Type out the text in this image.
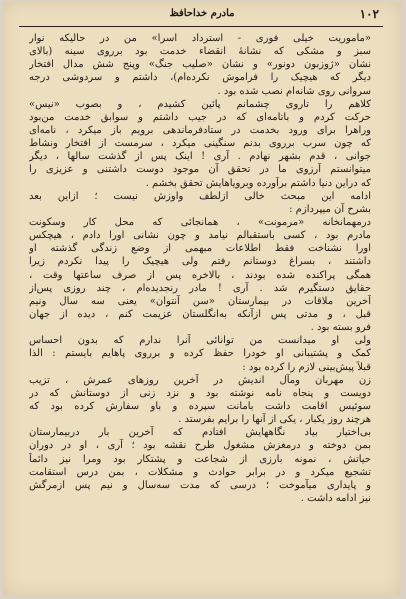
۱۰۲
مادرم خداحافظ
«ماموریت خیلی فوری - استرداد اسرا» من در حالیکه نوار
سبز و مشکی که نشانهٔ انقضاء خدمت بود برروی سینه (بالای
نشان «ژوزبون دونور» و نشان «صلیب جنگ» وپنج شش مدال افتخار
دیگر که هیچیک را فراموش نکرده‌ام)، داشتم و سردوشی درجه
سروانی روی شانه‌ام نصب شده بود .
کلاهم را تاروی چشمانم پائین کشیدم ، و بصوب «نیس»
حرکت کردم و باتامه‌ای که در جیب داشتم و سوابق خدمت من‌بود
وراهرا برای ورود بخدمت در ستادفرماندهی برویم باز میکرد ، نامه‌ای
که چون سرب برروی بدنم سنگینی میکرد ، سرمست از افتخار ونشاط
جوانی ، قدم بشهر نهادم . آری ! اینک پس از گذشت سالها ، دیگر
میتوانستم آرزوی ما در تحقق آن موجود دوست داشتنی و عزیزی را
که دراین دنیا داشتم برآورده وبرویاهایش تحقق بخشم .
ادامه این مبحث خالی ازلطف واوزش نیست ؛ ازاین بعد
بشرح آن میپردازم :
درمهمانخانه «مرمونت» ، همانجائی که محل کار وسکونت
مادرم بود ، کسی باستقبالم نیامد و چون نشانی اورا دادم ، هیچکس
اورا نشناخت فقط اطلاعات مبهمی از وضع زندگی گذشته او
داشتند ، بسراغ دوستانم رفتم ولی هیچیک را پیدا نکردم زیرا
همگی پراکنده شده بودند ، بالاخره پس از صرف ساعتها وقت ،
حقایق دستگیرم شد . آری ! مادر رنجدیده‌ام ، چند روزی پس‌از
آخرین ملاقات در بیمارستان «سن آنتوان» یعنی سه سال ونیم
قبل ، و مدتی پس ازآنکه به‌انگلستان عزیمت کنم ، دیده از جهان
فرو بسته بود .
ولی او میدانست من توانائی آنرا ندارم که بدون احساس
کمک و پشتیبانی او خودرا حفظ کرده و برروی پاهایم بایستم : الذا
قبلاً پیش‌بینی لازم را کرده بود :
زن مهربان ومآل اندیش در آخرین روزهای عمرش ، تزیب
دویست و پنجاه نامه نوشته بود و نزد زنی از دوستانش که در
سوئیس اقامت داشت بامانت سپرده و باو سفارش کرده بود که
هرچند روز یکبار ، یکی از آنها را برایم بفرستد .
بی‌اختیار بیاد نگاههایش افتادم که آخرین بار دربیمارستان
بمن دوخته و درمغزش مشغول طرح نقشه بود ؛ آری ، او در دوران
حیاتش ، نمونه بارزی از شجاعت و پشتکار بود ومرا نیز دائماً
تشجیع میکرد و در برابر حوادث و مشکلات ، بمن درس استقامت
و پایداری میآموخت ؛ درسی که مدت سه‌سال و نیم پس ازمرگش
نیز ادامه داشت .
